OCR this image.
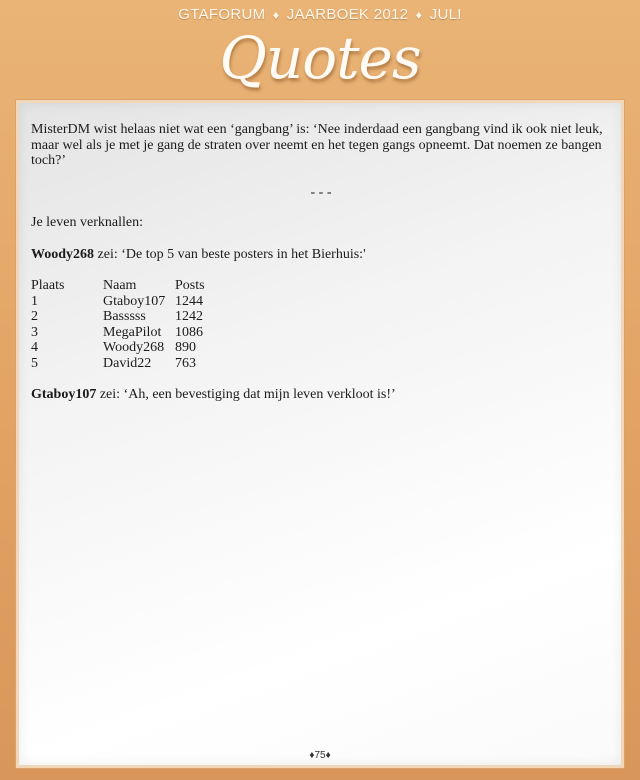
GTAFORUM ♦ JAARBOEK 2012 ♦ JULI
Quotes

MisterDM wist helaas niet wat een ‘gangbang’ is: ‘Nee inderdaad een gangbang vind ik ook niet leuk, maar wel als je met je gang de straten over neemt en het tegen gangs opneemt. Dat noemen ze bangen toch?’

- - -

Je leven verknallen:

Woody268 zei: ‘De top 5 van beste posters in het Bierhuis:'

Plaats	Naam	Posts
1	Gtaboy107	1244
2	Basssss	1242
3	MegaPilot	1086
4	Woody268	890
5	David22	763

Gtaboy107 zei: ‘Ah, een bevestiging dat mijn leven verkloot is!’

♦75♦
